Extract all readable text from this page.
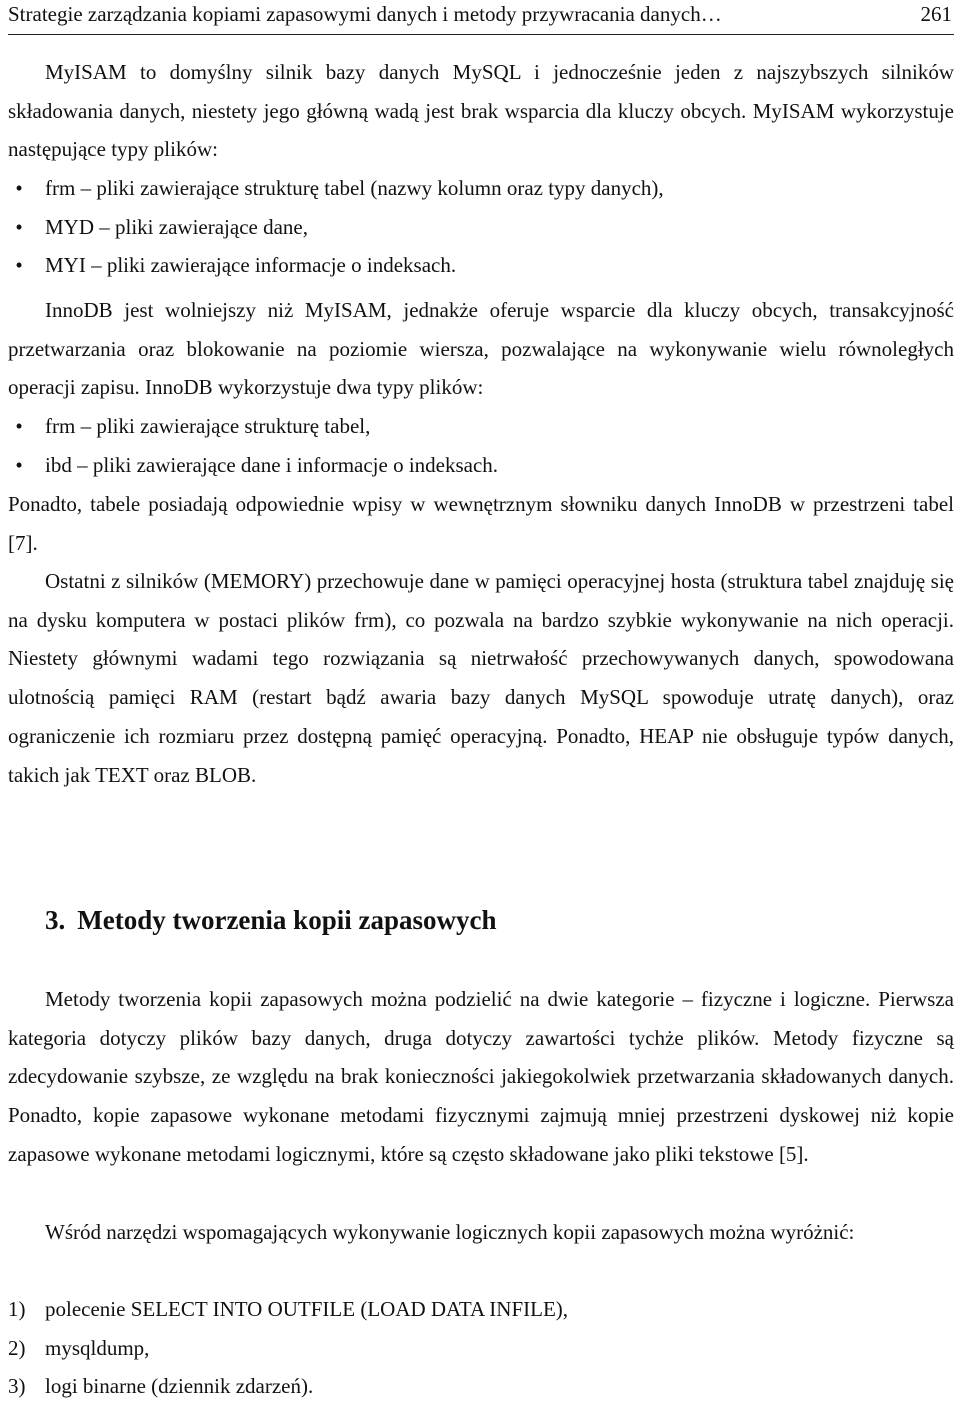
Strategie zarządzania kopiami zapasowymi danych i metody przywracania danych…	261

MyISAM to domyślny silnik bazy danych MySQL i jednocześnie jeden z najszybszych silników składowania danych, niestety jego główną wadą jest brak wsparcia dla kluczy obcych. MyISAM wykorzystuje następujące typy plików:

•	frm – pliki zawierające strukturę tabel (nazwy kolumn oraz typy danych),
•	MYD – pliki zawierające dane,
•	MYI – pliki zawierające informacje o indeksach.

InnoDB jest wolniejszy niż MyISAM, jednakże oferuje wsparcie dla kluczy obcych, transakcyjność przetwarzania oraz blokowanie na poziomie wiersza, pozwalające na wykonywanie wielu równoległych operacji zapisu. InnoDB wykorzystuje dwa typy plików:

•	frm – pliki zawierające strukturę tabel,
•	ibd – pliki zawierające dane i informacje o indeksach.

Ponadto, tabele posiadają odpowiednie wpisy w wewnętrznym słowniku danych InnoDB w przestrzeni tabel [7].

Ostatni z silników (MEMORY) przechowuje dane w pamięci operacyjnej hosta (struktura tabel znajduję się na dysku komputera w postaci plików frm), co pozwala na bardzo szybkie wykonywanie na nich operacji. Niestety głównymi wadami tego rozwiązania są nietrwałość przechowywanych danych, spowodowana ulotnością pamięci RAM (restart bądź awaria bazy danych MySQL spowoduje utratę danych), oraz ograniczenie ich rozmiaru przez dostępną pamięć operacyjną. Ponadto, HEAP nie obsługuje typów danych, takich jak TEXT oraz BLOB.

3. Metody tworzenia kopii zapasowych

Metody tworzenia kopii zapasowych można podzielić na dwie kategorie – fizyczne i logiczne. Pierwsza kategoria dotyczy plików bazy danych, druga dotyczy zawartości tychże plików. Metody fizyczne są zdecydowanie szybsze, ze względu na brak konieczności jakiegokolwiek przetwarzania składowanych danych. Ponadto, kopie zapasowe wykonane metodami fizycznymi zajmują mniej przestrzeni dyskowej niż kopie zapasowe wykonane metodami logicznymi, które są często składowane jako pliki tekstowe [5].

Wśród narzędzi wspomagających wykonywanie logicznych kopii zapasowych można wyróżnić:

1) polecenie SELECT INTO OUTFILE (LOAD DATA INFILE),
2) mysqldump,
3) logi binarne (dziennik zdarzeń).
